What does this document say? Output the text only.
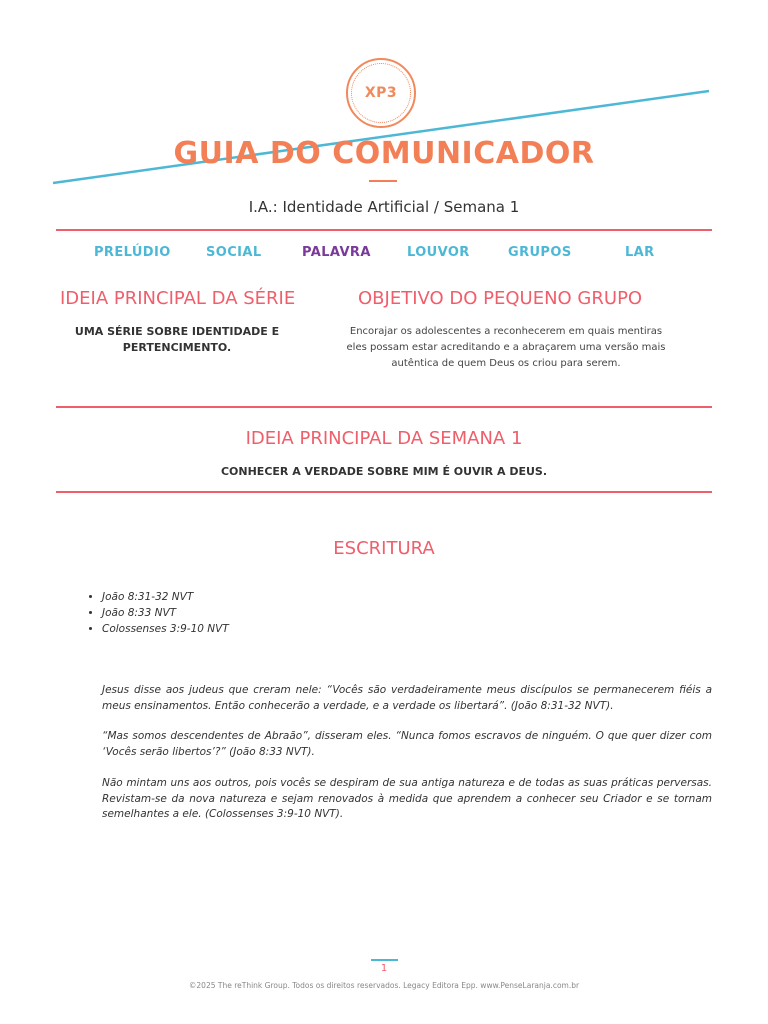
XP3
GUIA DO COMUNICADOR
I.A.: Identidade Artificial / Semana 1
PRELÚDIO	SOCIAL	PALAVRA	LOUVOR	GRUPOS	LAR
IDEIA PRINCIPAL DA SÉRIE
UMA SÉRIE SOBRE IDENTIDADE E
PERTENCIMENTO.
OBJETIVO DO PEQUENO GRUPO
Encorajar os adolescentes a reconhecerem em quais mentiras
eles possam estar acreditando e a abraçarem uma versão mais
autêntica de quem Deus os criou para serem.
IDEIA PRINCIPAL DA SEMANA 1
CONHECER A VERDADE SOBRE MIM É OUVIR A DEUS.
ESCRITURA
• João 8:31-32 NVT
• João 8:33 NVT
• Colossenses 3:9-10 NVT

Jesus disse aos judeus que creram nele: “Vocês são verdadeiramente meus discípulos se permanecerem fiéis a meus ensinamentos. Então conhecerão a verdade, e a verdade os libertará”. (João 8:31-32 NVT).

“Mas somos descendentes de Abraão”, disseram eles. “Nunca fomos escravos de ninguém. O que quer dizer com ‘Vocês serão libertos’?” (João 8:33 NVT).

Não mintam uns aos outros, pois vocês se despiram de sua antiga natureza e de todas as suas práticas perversas. Revistam-se da nova natureza e sejam renovados à medida que aprendem a conhecer seu Criador e se tornam semelhantes a ele. (Colossenses 3:9-10 NVT).

1
©2025 The reThink Group. Todos os direitos reservados. Legacy Editora Epp. www.PenseLaranja.com.br
